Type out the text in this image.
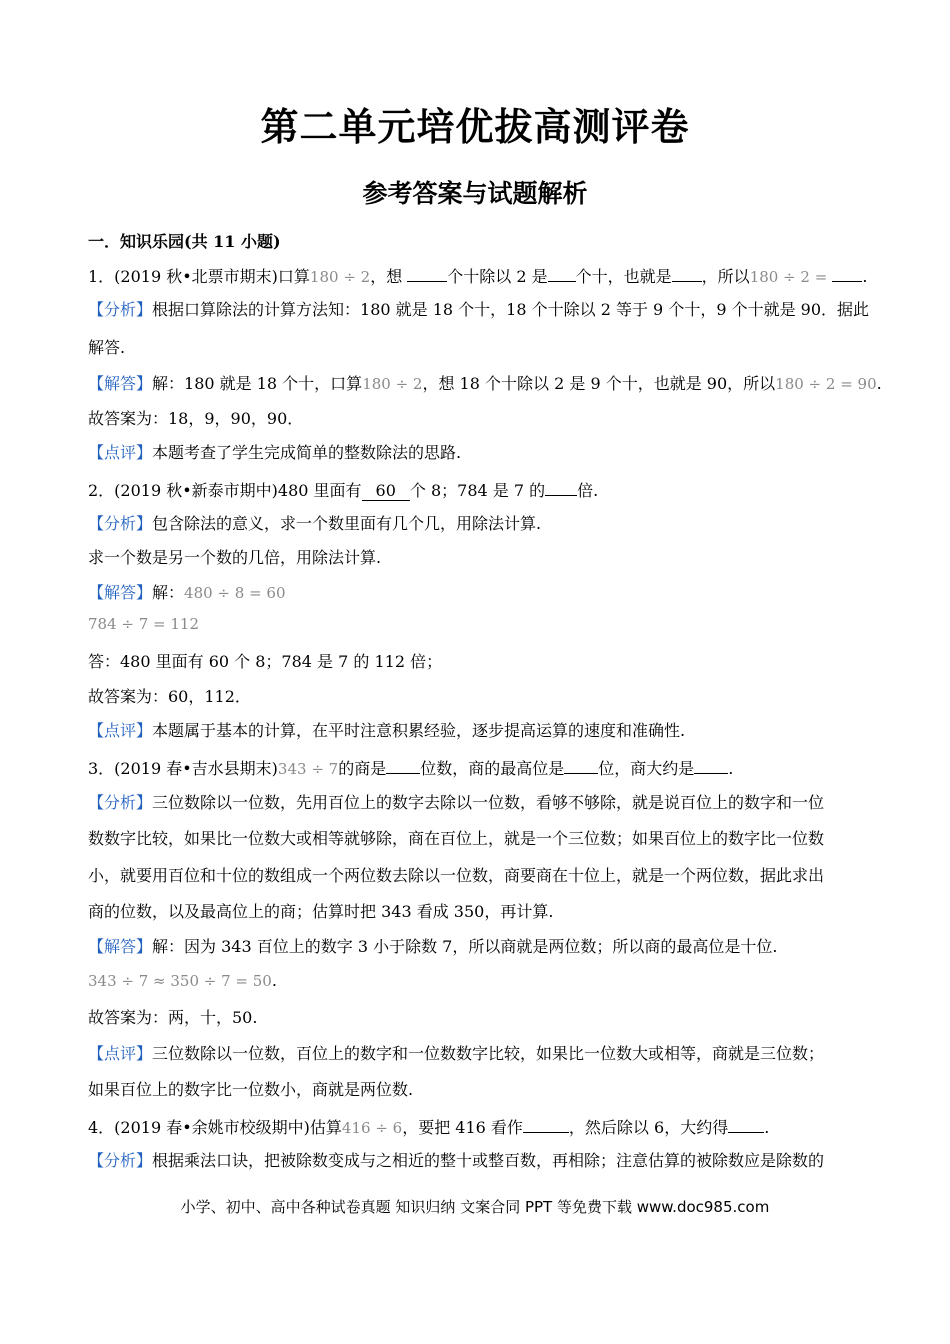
第二单元培优拔高测评卷
参考答案与试题解析
一．知识乐园(共 11 小题)
1．(2019 秋•北票市期末)口算180 ÷ 2，想	个十除以 2 是 个十，也就是 ，所以180 ÷ 2 = .
【分析】根据口算除法的计算方法知：180 就是 18 个十，18 个十除以 2 等于 9 个十，9 个十就是 90．据此
解答.
【解答】解：180 就是 18 个十，口算180 ÷ 2，想 18 个十除以 2 是 9 个十，也就是 90，所以180 ÷ 2 = 90.
故答案为：18，9，90，90．
【点评】本题考查了学生完成简单的整数除法的思路.
2．(2019 秋•新泰市期中)480 里面有 60 个 8；784 是 7 的 倍.
【分析】包含除法的意义，求一个数里面有几个几，用除法计算.
求一个数是另一个数的几倍，用除法计算.
【解答】解：480 ÷ 8 = 60
784 ÷ 7 = 112
答：480 里面有 60 个 8；784 是 7 的 112 倍；
故答案为：60，112．
【点评】本题属于基本的计算，在平时注意积累经验，逐步提高运算的速度和准确性.
3．(2019 春•吉水县期末)343 ÷ 7的商是 位数，商的最高位是 位，商大约是 .
【分析】三位数除以一位数，先用百位上的数字去除以一位数，看够不够除，就是说百位上的数字和一位
数数字比较，如果比一位数大或相等就够除，商在百位上，就是一个三位数；如果百位上的数字比一位数
小，就要用百位和十位的数组成一个两位数去除以一位数，商要商在十位上，就是一个两位数，据此求出
商的位数，以及最高位上的商；估算时把 343 看成 350，再计算.
【解答】解：因为 343 百位上的数字 3 小于除数 7，所以商就是两位数；所以商的最高位是十位.
343 ÷ 7 ≈ 350 ÷ 7 = 50.
故答案为：两，十，50.
【点评】三位数除以一位数，百位上的数字和一位数数字比较，如果比一位数大或相等，商就是三位数；
如果百位上的数字比一位数小，商就是两位数.
4．(2019 春•余姚市校级期中)估算416 ÷ 6，要把 416 看作	，然后除以 6，大约得 .
【分析】根据乘法口诀，把被除数变成与之相近的整十或整百数，再相除；注意估算的被除数应是除数的
小学、初中、高中各种试卷真题 知识归纳 文案合同 PPT 等免费下载 www.doc985.com
